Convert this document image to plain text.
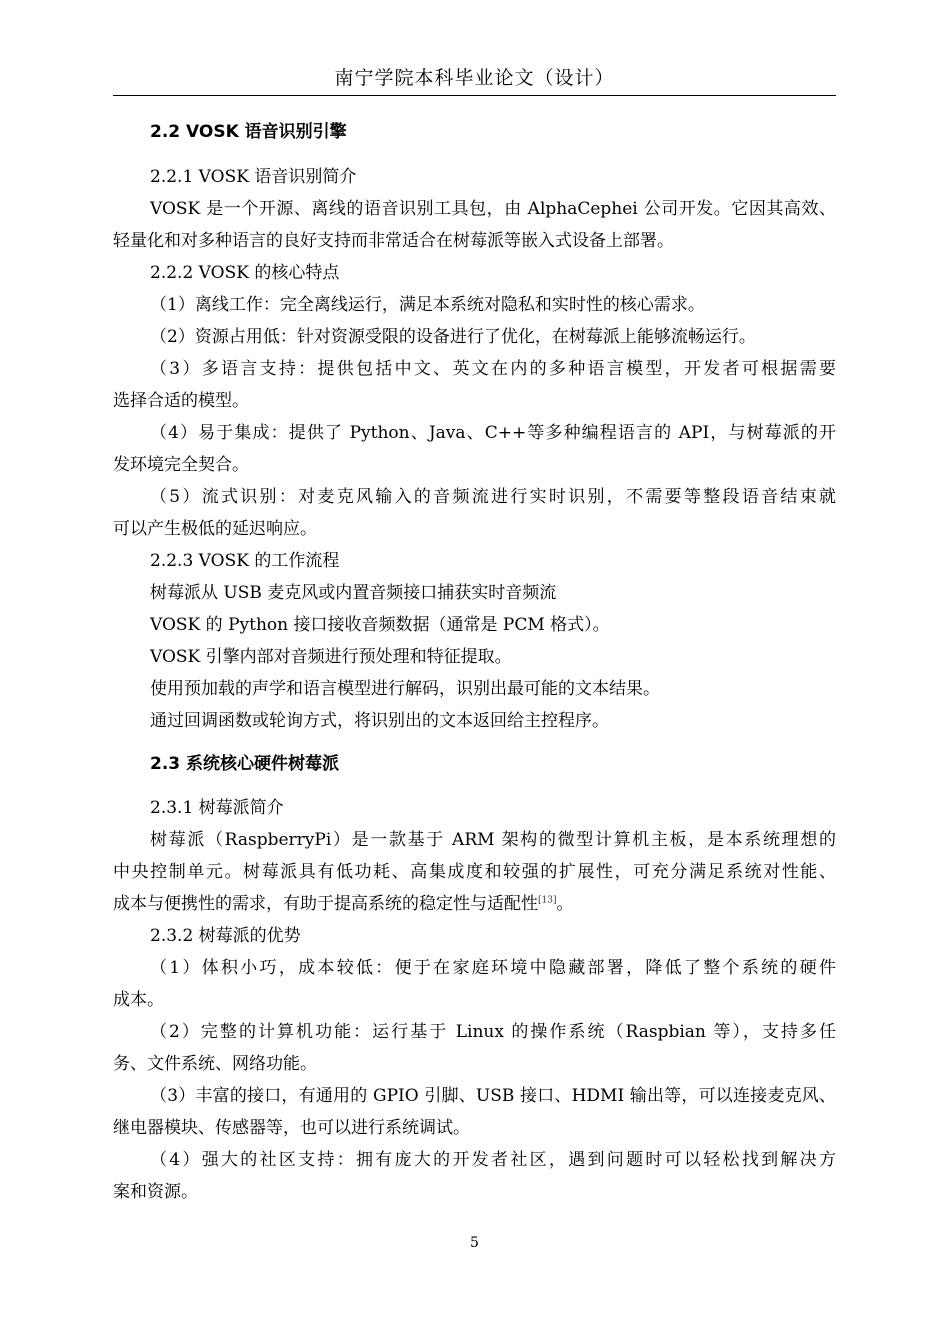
南宁学院本科毕业论文（设计）
2.2 VOSK 语音识别引擎
2.2.1 VOSK 语音识别简介
VOSK 是一个开源、离线的语音识别工具包，由 AlphaCephei 公司开发。它因其高效、
轻量化和对多种语言的良好支持而非常适合在树莓派等嵌入式设备上部署。
2.2.2 VOSK 的核心特点
（1）离线工作：完全离线运行，满足本系统对隐私和实时性的核心需求。
（2）资源占用低：针对资源受限的设备进行了优化，在树莓派上能够流畅运行。
（3）多语言支持：提供包括中文、英文在内的多种语言模型，开发者可根据需要
选择合适的模型。
（4）易于集成：提供了 Python、Java、C++等多种编程语言的 API，与树莓派的开
发环境完全契合。
（5）流式识别：对麦克风输入的音频流进行实时识别，不需要等整段语音结束就
可以产生极低的延迟响应。
2.2.3 VOSK 的工作流程
树莓派从 USB 麦克风或内置音频接口捕获实时音频流
VOSK 的 Python 接口接收音频数据（通常是 PCM 格式）。
VOSK 引擎内部对音频进行预处理和特征提取。
使用预加载的声学和语言模型进行解码，识别出最可能的文本结果。
通过回调函数或轮询方式，将识别出的文本返回给主控程序。
2.3 系统核心硬件树莓派
2.3.1 树莓派简介
树莓派（RaspberryPi）是一款基于 ARM 架构的微型计算机主板，是本系统理想的
中央控制单元。树莓派具有低功耗、高集成度和较强的扩展性，可充分满足系统对性能、
成本与便携性的需求，有助于提高系统的稳定性与适配性[13]。
2.3.2 树莓派的优势
（1）体积小巧，成本较低：便于在家庭环境中隐藏部署，降低了整个系统的硬件
成本。
（2）完整的计算机功能：运行基于 Linux 的操作系统（Raspbian 等），支持多任
务、文件系统、网络功能。
（3）丰富的接口，有通用的 GPIO 引脚、USB 接口、HDMI 输出等，可以连接麦克风、
继电器模块、传感器等，也可以进行系统调试。
（4）强大的社区支持：拥有庞大的开发者社区，遇到问题时可以轻松找到解决方
案和资源。
5
